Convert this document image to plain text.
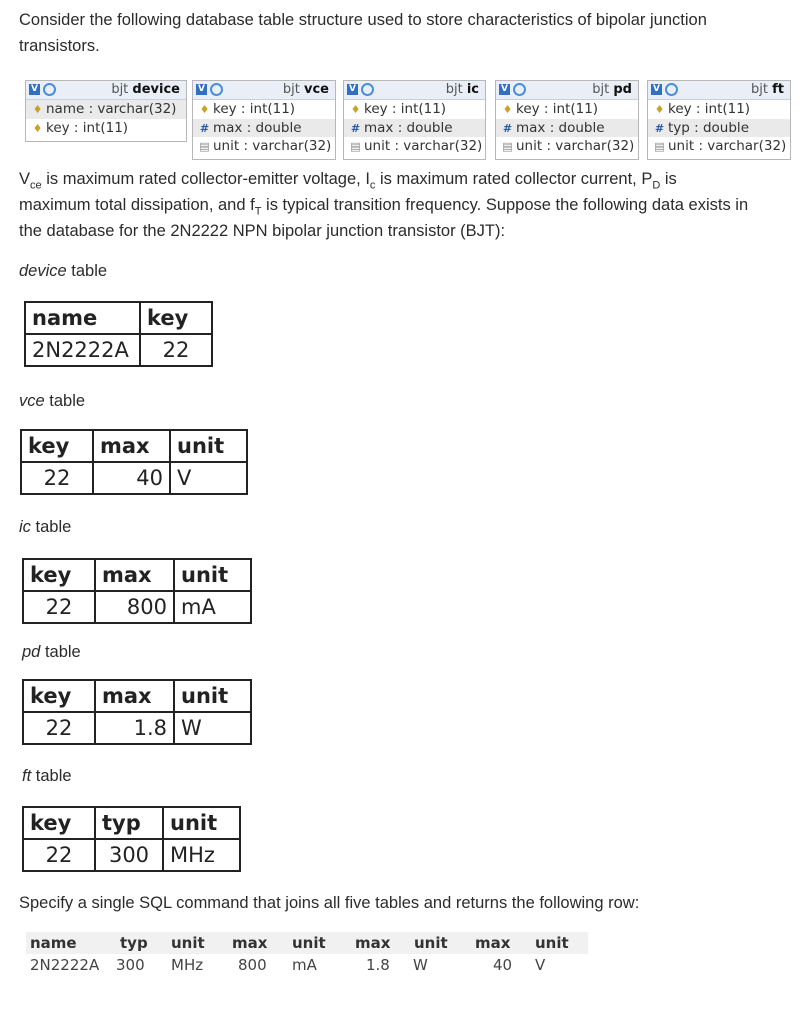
Consider the following database table structure used to store characteristics of bipolar junction

transistors.

V	bjt device
♦ name : varchar(32)
♦ key : int(11)
V	bjt vce
♦ key : int(11)
# max : double
▤ unit : varchar(32)
V	bjt ic
♦ key : int(11)
# max : double
▤ unit : varchar(32)
V	bjt pd
♦ key : int(11)
# max : double
▤ unit : varchar(32)
V	bjt ft
♦ key : int(11)
# typ : double
▤ unit : varchar(32)

$V_{ce}$ is maximum rated collector-emitter voltage, $I_c$ is maximum rated collector current, $P_D$ is

maximum total dissipation, and $f_T$ is typical transition frequency. Suppose the following data exists in

the database for the 2N2222 NPN bipolar junction transistor (BJT):

device table

name	key
2N2222A	22

vce table

key	max	unit
22	40	V

ic table

key	max	unit
22	800	mA

pd table

key	max	unit
22	1.8	W

ft table

key	typ	unit
22	300	MHz

Specify a single SQL command that joins all five tables and returns the following row:

name	typ unit max unit max unit max unit
2N2222A 300 MHz 800 mA	1.8 W	40 V
